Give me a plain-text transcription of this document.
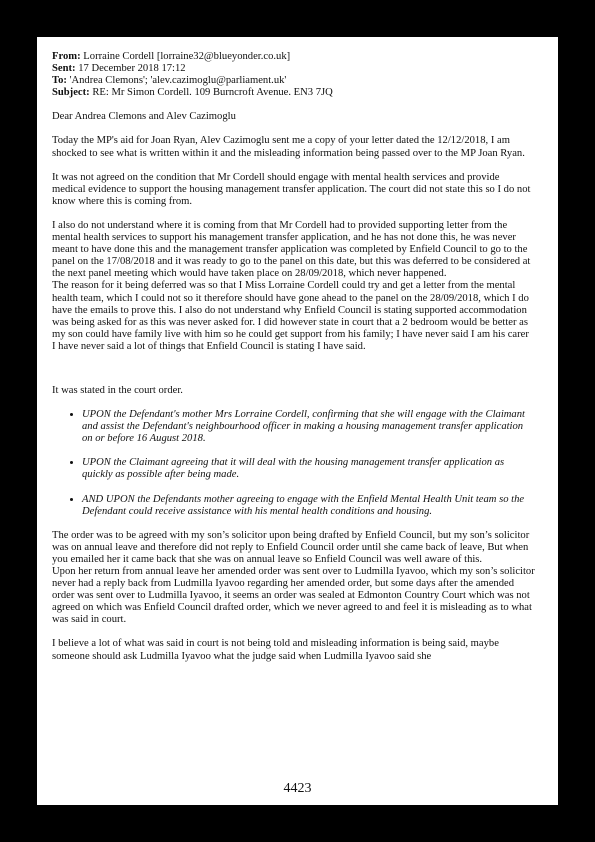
From: Lorraine Cordell [lorraine32@blueyonder.co.uk]
Sent: 17 December 2018 17:12
To: 'Andrea Clemons'; 'alev.cazimoglu@parliament.uk'
Subject: RE: Mr Simon Cordell. 109 Burncroft Avenue. EN3 7JQ

Dear Andrea Clemons and Alev Cazimoglu

Today the MP's aid for Joan Ryan, Alev Cazimoglu sent me a copy of your letter dated the 12/12/2018, I am shocked to see what is written within it and the misleading information being passed over to the MP Joan Ryan.

It was not agreed on the condition that Mr Cordell should engage with mental health services and provide medical evidence to support the housing management transfer application. The court did not state this so I do not know where this is coming from.

I also do not understand where it is coming from that Mr Cordell had to provided supporting letter from the mental health services to support his management transfer application, and he has not done this, he was never meant to have done this and the management transfer application was completed by Enfield Council to go to the panel on the 17/08/2018 and it was ready to go to the panel on this date, but this was deferred to be considered at the next panel meeting which would have taken place on 28/09/2018, which never happened.

The reason for it being deferred was so that I Miss Lorraine Cordell could try and get a letter from the mental health team, which I could not so it therefore should have gone ahead to the panel on the 28/09/2018, which I do have the emails to prove this. I also do not understand why Enfield Council is stating supported accommodation was being asked for as this was never asked for. I did however state in court that a 2 bedroom would be better as my son could have family live with him so he could get support from his family; I have never said I am his carer I have never said a lot of things that Enfield Council is stating I have said.

It was stated in the court order.

• UPON the Defendant's mother Mrs Lorraine Cordell, confirming that she will engage with the Claimant and assist the Defendant's neighbourhood officer in making a housing management transfer application on or before 16 August 2018.
• UPON the Claimant agreeing that it will deal with the housing management transfer application as quickly as possible after being made.
• AND UPON the Defendants mother agreeing to engage with the Enfield Mental Health Unit team so the Defendant could receive assistance with his mental health conditions and housing.

The order was to be agreed with my son’s solicitor upon being drafted by Enfield Council, but my son’s solicitor was on annual leave and therefore did not reply to Enfield Council order until she came back of leave, But when you emailed her it came back that she was on annual leave so Enfield Council was well aware of this.

Upon her return from annual leave her amended order was sent over to Ludmilla Iyavoo, which my son’s solicitor never had a reply back from Ludmilla Iyavoo regarding her amended order, but some days after the amended order was sent over to Ludmilla Iyavoo, it seems an order was sealed at Edmonton Country Court which was not agreed on which was Enfield Council drafted order, which we never agreed to and feel it is misleading as to what was said in court.

I believe a lot of what was said in court is not being told and misleading information is being said, maybe someone should ask Ludmilla Iyavoo what the judge said when Ludmilla Iyavoo said she

4423
